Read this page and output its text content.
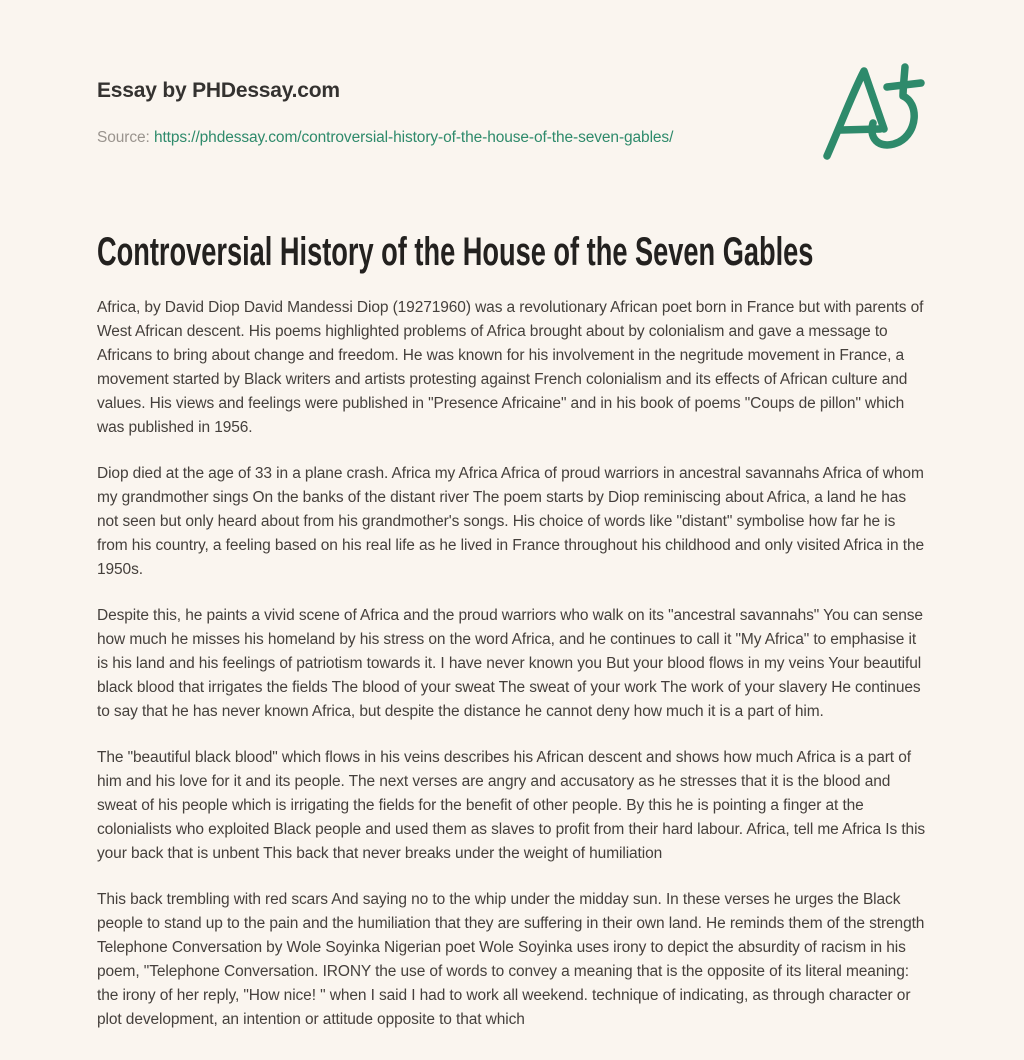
Essay by PHDessay.com
Source: https://phdessay.com/controversial-history-of-the-house-of-the-seven-gables/
Controversial History of the House of the Seven Gables

Africa, by David Diop David Mandessi Diop (19271960) was a revolutionary African poet born in France but with parents of West African descent. His poems highlighted problems of Africa brought about by colonialism and gave a message to Africans to bring about change and freedom. He was known for his involvement in the negritude movement in France, a movement started by Black writers and artists protesting against French colonialism and its effects of African culture and values. His views and feelings were published in "Presence Africaine" and in his book of poems "Coups de pillon" which was published in 1956.

Diop died at the age of 33 in a plane crash. Africa my Africa Africa of proud warriors in ancestral savannahs Africa of whom my grandmother sings On the banks of the distant river The poem starts by Diop reminiscing about Africa, a land he has not seen but only heard about from his grandmother's songs. His choice of words like "distant" symbolise how far he is from his country, a feeling based on his real life as he lived in France throughout his childhood and only visited Africa in the 1950s.

Despite this, he paints a vivid scene of Africa and the proud warriors who walk on its "ancestral savannahs" You can sense how much he misses his homeland by his stress on the word Africa, and he continues to call it "My Africa" to emphasise it is his land and his feelings of patriotism towards it. I have never known you But your blood flows in my veins Your beautiful black blood that irrigates the fields The blood of your sweat The sweat of your work The work of your slavery He continues to say that he has never known Africa, but despite the distance he cannot deny how much it is a part of him.

The "beautiful black blood" which flows in his veins describes his African descent and shows how much Africa is a part of him and his love for it and its people. The next verses are angry and accusatory as he stresses that it is the blood and sweat of his people which is irrigating the fields for the benefit of other people. By this he is pointing a finger at the colonialists who exploited Black people and used them as slaves to profit from their hard labour. Africa, tell me Africa Is this your back that is unbent This back that never breaks under the weight of humiliation

This back trembling with red scars And saying no to the whip under the midday sun. In these verses he urges the Black people to stand up to the pain and the humiliation that they are suffering in their own land. He reminds them of the strength Telephone Conversation by Wole Soyinka Nigerian poet Wole Soyinka uses irony to depict the absurdity of racism in his poem, "Telephone Conversation. IRONY the use of words to convey a meaning that is the opposite of its literal meaning: the irony of her reply, "How nice! " when I said I had to work all weekend. technique of indicating, as through character or plot development, an intention or attitude opposite to that which
